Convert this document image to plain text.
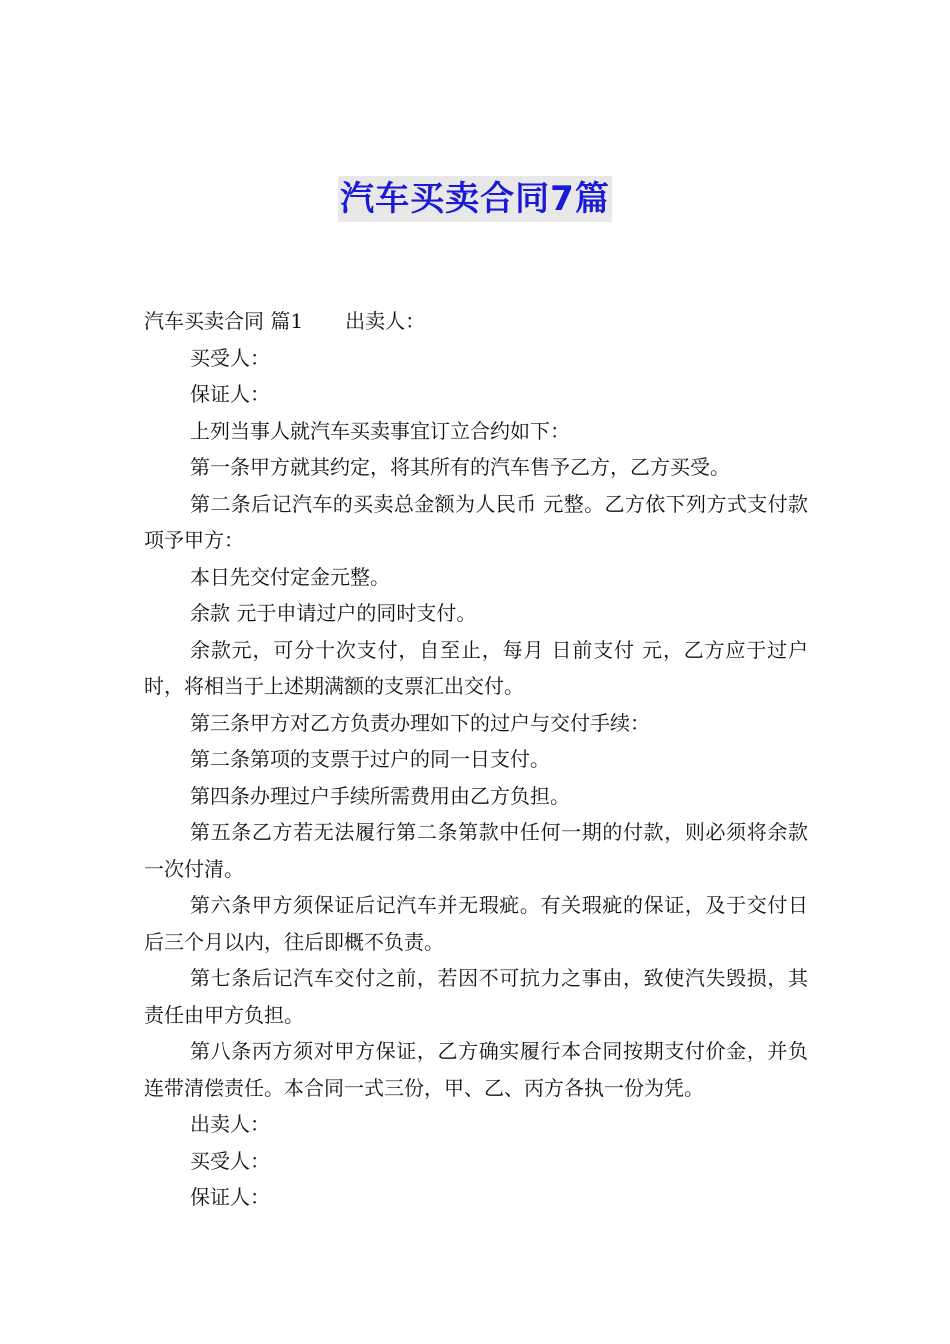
汽车买卖合同7篇

汽车买卖合同 篇1 出卖人：

买受人：

保证人：

上列当事人就汽车买卖事宜订立合约如下：

第一条甲方就其约定，将其所有的汽车售予乙方，乙方买受。

第二条后记汽车的买卖总金额为人民币 元整。乙方依下列方式支付款项予甲方：

本日先交付定金元整。

余款 元于申请过户的同时支付。

余款元，可分十次支付，自至止，每月 日前支付 元，乙方应于过户时，将相当于上述期满额的支票汇出交付。

第三条甲方对乙方负责办理如下的过户与交付手续：

第二条第项的支票于过户的同一日支付。

第四条办理过户手续所需费用由乙方负担。

第五条乙方若无法履行第二条第款中任何一期的付款，则必须将余款一次付清。

第六条甲方须保证后记汽车并无瑕疵。有关瑕疵的保证，及于交付日后三个月以内，往后即概不负责。

第七条后记汽车交付之前，若因不可抗力之事由，致使汽失毁损，其责任由甲方负担。

第八条丙方须对甲方保证，乙方确实履行本合同按期支付价金，并负连带清偿责任。本合同一式三份，甲、乙、丙方各执一份为凭。

出卖人：

买受人：

保证人：
